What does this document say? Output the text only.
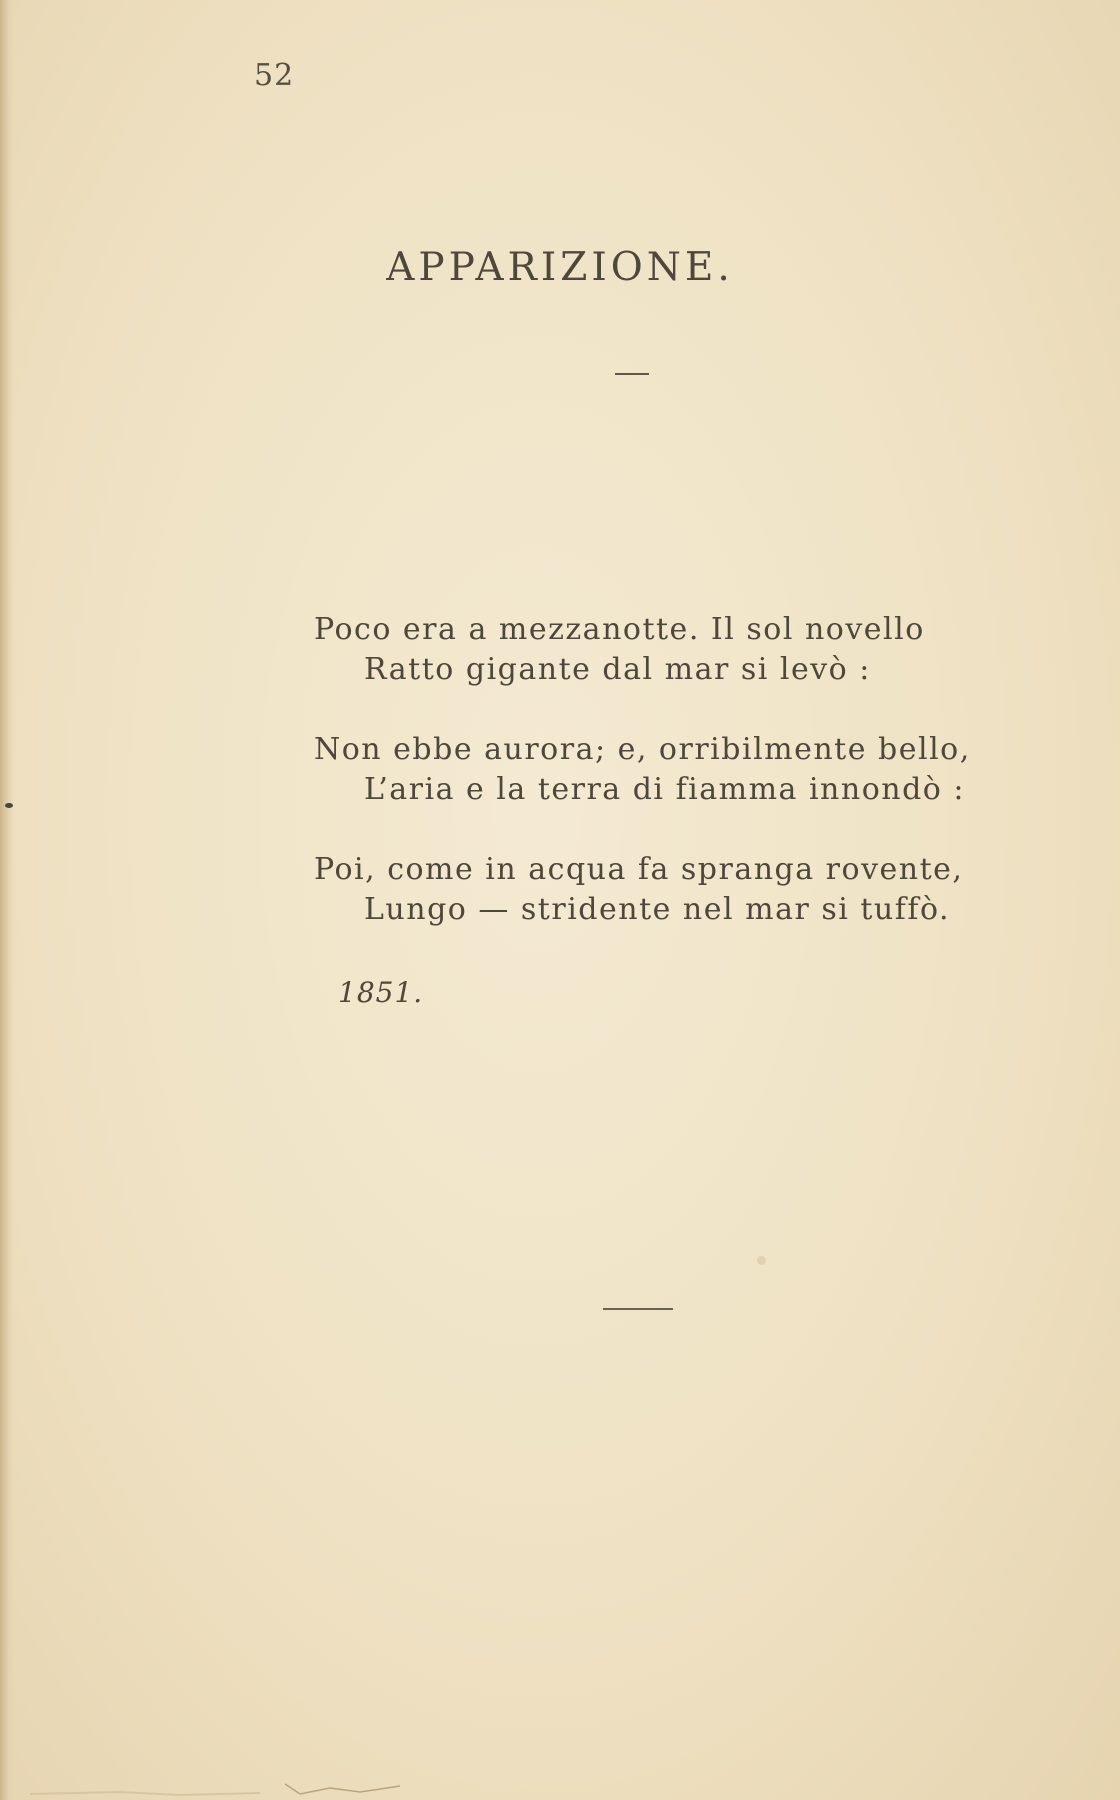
52
APPARIZIONE.
Poco era a mezzanotte. Il sol novello
Ratto gigante dal mar si levò :
Non ebbe aurora; e, orribilmente bello,
L’aria e la terra di fiamma innondò :
Poi, come in acqua fa spranga rovente,
Lungo — stridente nel mar si tuffò.
1851.
